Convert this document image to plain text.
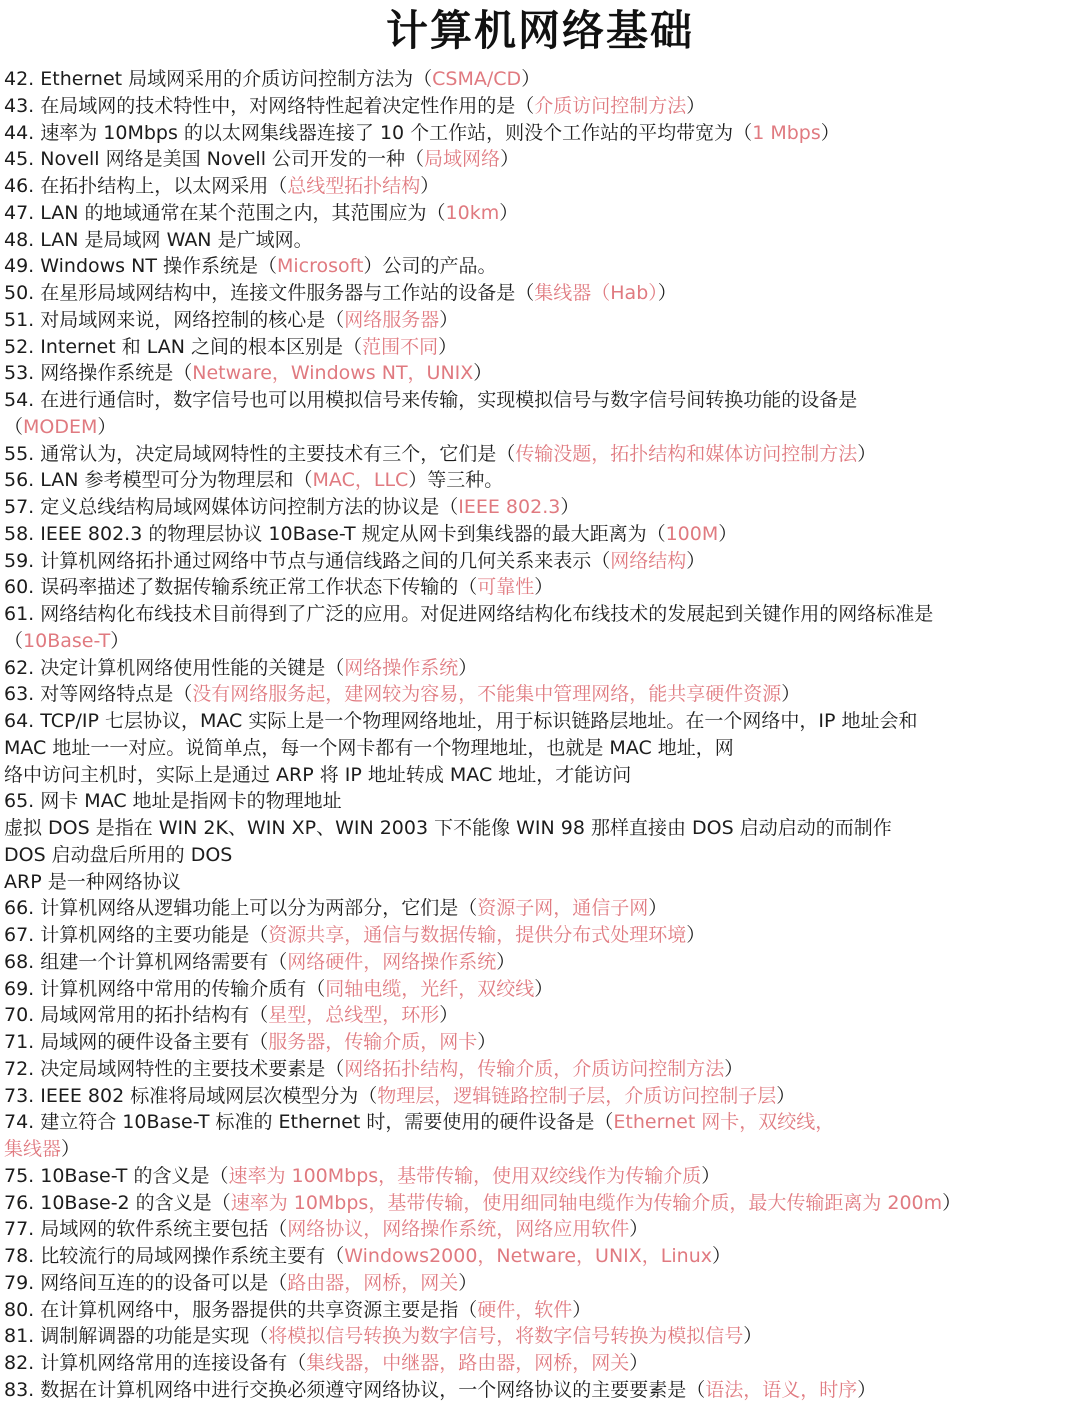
计算机网络基础
42. Ethernet 局域网采用的介质访问控制方法为（CSMA/CD）
43. 在局域网的技术特性中，对网络特性起着决定性作用的是（介质访问控制方法）
44. 速率为 10Mbps 的以太网集线器连接了 10 个工作站，则没个工作站的平均带宽为（1 Mbps）
45. Novell 网络是美国 Novell 公司开发的一种（局域网络）
46. 在拓扑结构上，以太网采用（总线型拓扑结构）
47. LAN 的地域通常在某个范围之内，其范围应为（10km）
48. LAN 是局域网 WAN 是广域网。
49. Windows NT 操作系统是（Microsoft）公司的产品。
50. 在星形局域网结构中，连接文件服务器与工作站的设备是（集线器（Hab））
51. 对局域网来说，网络控制的核心是（网络服务器）
52. Internet 和 LAN 之间的根本区别是（范围不同）
53. 网络操作系统是（Netware，Windows NT，UNIX）
54. 在进行通信时，数字信号也可以用模拟信号来传输，实现模拟信号与数字信号间转换功能的设备是
（MODEM）
55. 通常认为，决定局域网特性的主要技术有三个，它们是（传输没题，拓扑结构和媒体访问控制方法）
56. LAN 参考模型可分为物理层和（MAC，LLC）等三种。
57. 定义总线结构局域网媒体访问控制方法的协议是（IEEE 802.3）
58. IEEE 802.3 的物理层协议 10Base-T 规定从网卡到集线器的最大距离为（100M）
59. 计算机网络拓扑通过网络中节点与通信线路之间的几何关系来表示（网络结构）
60. 误码率描述了数据传输系统正常工作状态下传输的（可靠性）
61. 网络结构化布线技术目前得到了广泛的应用。对促进网络结构化布线技术的发展起到关键作用的网络标准是
（10Base-T）
62. 决定计算机网络使用性能的关键是（网络操作系统）
63. 对等网络特点是（没有网络服务起，建网较为容易，不能集中管理网络，能共享硬件资源）
64. TCP/IP 七层协议，MAC 实际上是一个物理网络地址，用于标识链路层地址。在一个网络中，IP 地址会和
MAC 地址一一对应。说简单点，每一个网卡都有一个物理地址，也就是 MAC 地址，网
络中访问主机时，实际上是通过 ARP 将 IP 地址转成 MAC 地址，才能访问
65. 网卡 MAC 地址是指网卡的物理地址
虚拟 DOS 是指在 WIN 2K、WIN XP、WIN 2003 下不能像 WIN 98 那样直接由 DOS 启动启动的而制作
DOS 启动盘后所用的 DOS
ARP 是一种网络协议
66. 计算机网络从逻辑功能上可以分为两部分，它们是（资源子网，通信子网）
67. 计算机网络的主要功能是（资源共享，通信与数据传输，提供分布式处理环境）
68. 组建一个计算机网络需要有（网络硬件，网络操作系统）
69. 计算机网络中常用的传输介质有（同轴电缆，光纤，双绞线）
70. 局域网常用的拓扑结构有（星型，总线型，环形）
71. 局域网的硬件设备主要有（服务器，传输介质，网卡）
72. 决定局域网特性的主要技术要素是（网络拓扑结构，传输介质，介质访问控制方法）
73. IEEE 802 标准将局域网层次模型分为（物理层，逻辑链路控制子层，介质访问控制子层）
74. 建立符合 10Base-T 标准的 Ethernet 时，需要使用的硬件设备是（Ethernet 网卡，双绞线，
集线器）
75. 10Base-T 的含义是（速率为 100Mbps，基带传输，使用双绞线作为传输介质）
76. 10Base-2 的含义是（速率为 10Mbps，基带传输，使用细同轴电缆作为传输介质，最大传输距离为 200m）
77. 局域网的软件系统主要包括（网络协议，网络操作系统，网络应用软件）
78. 比较流行的局域网操作系统主要有（Windows2000，Netware，UNIX，Linux）
79. 网络间互连的的设备可以是（路由器，网桥，网关）
80. 在计算机网络中，服务器提供的共享资源主要是指（硬件，软件）
81. 调制解调器的功能是实现（将模拟信号转换为数字信号，将数字信号转换为模拟信号）
82. 计算机网络常用的连接设备有（集线器，中继器，路由器，网桥，网关）
83. 数据在计算机网络中进行交换必须遵守网络协议，一个网络协议的主要要素是（语法，语义，时序）
